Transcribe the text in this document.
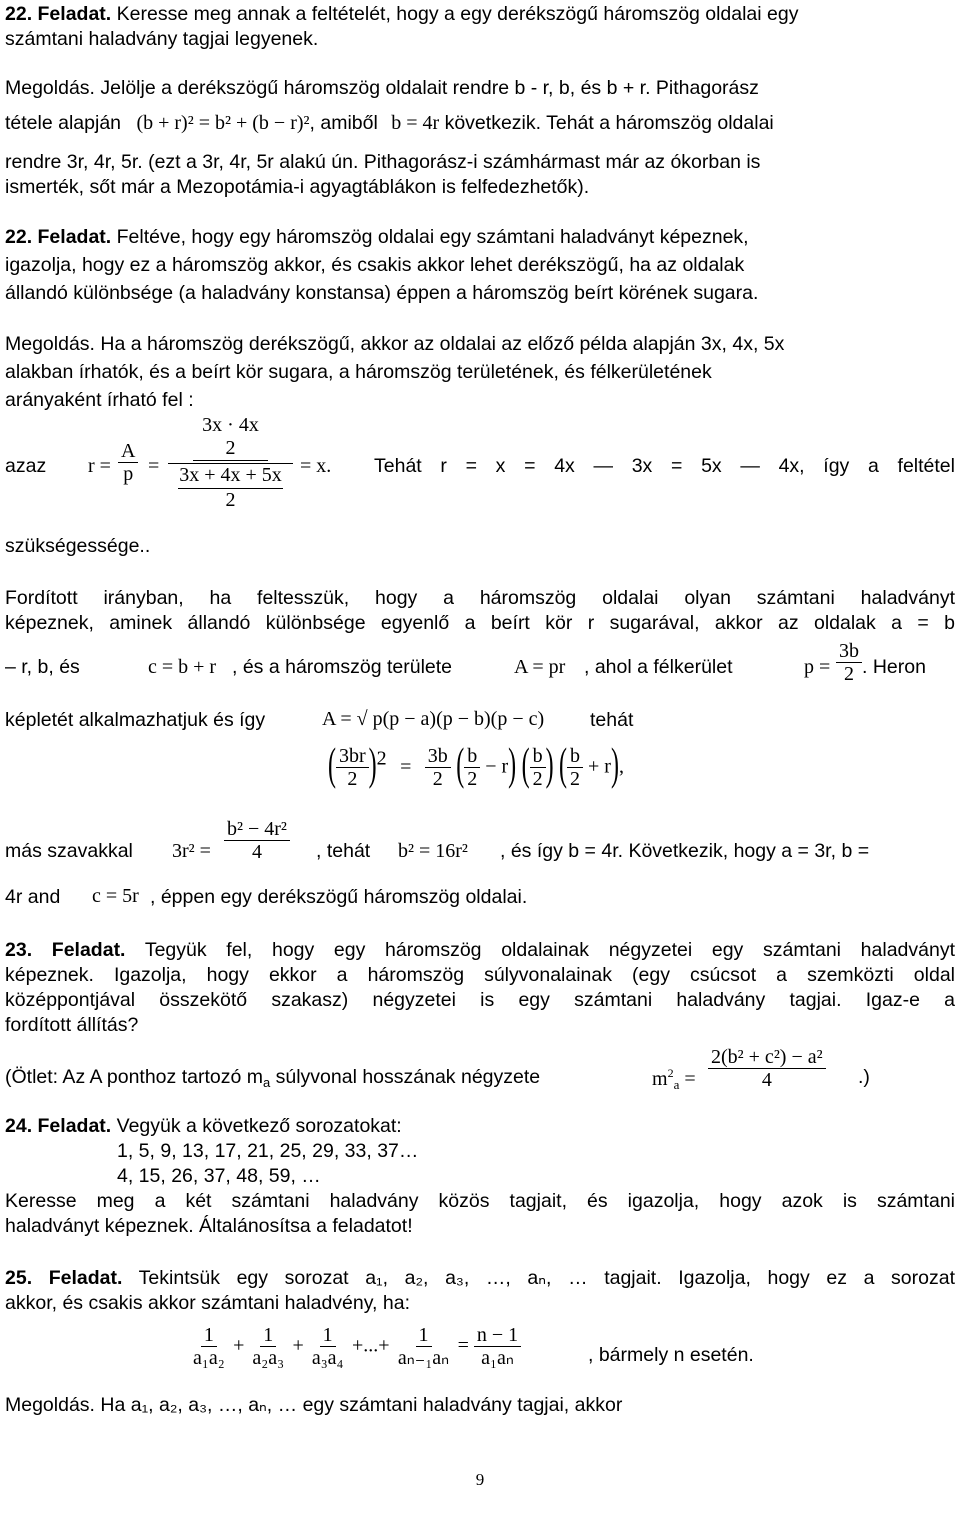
22. Feladat. Keresse meg annak a feltételét, hogy a egy derékszögű háromszög oldalai egy

számtani haladvány tagjai legyenek.

Megoldás. Jelölje a derékszögű háromszög oldalait rendre b - r, b, és b + r. Pithagorász

tétele alapján (b + r)² = b² + (b − r)², amiből b = 4r következik. Tehát a háromszög oldalai

rendre 3r, 4r, 5r. (ezt a 3r, 4r, 5r alakú ún. Pithagorász-i számhármast már az ókorban is

ismerték, sőt már a Mezopotámia-i agyagtáblákon is felfedezhetők).

22. Feladat. Feltéve, hogy egy háromszög oldalai egy számtani haladványt képeznek,

igazolja, hogy ez a háromszög akkor, és csakis akkor lehet derékszögű, ha az oldalak

állandó különbsége (a haladvány konstansa) éppen a háromszög beírt körének sugara.

Megoldás. Ha a háromszög derékszögű, akkor az oldalai az előző példa alapján 3x, 4x, 5x

alakban írhatók, és a beírt kör sugara, a háromszög területének, és félkerületének

arányaként írható fel :

azaz $r = \frac{A}{p}$ =
3x · 4x
2
3x + 4x + 5x
2
= x. Tehát r = x = 4x — 3x = 5x — 4x, így a feltétel
szükségessége..

Fordított irányban, ha feltesszük, hogy a háromszög oldalai olyan számtani haladványt

képeznek, aminek állandó különbsége egyenlő a beírt kör r sugarával, akkor az oldalak a = b

– r, b, és	c = b + r , és a háromszög területe	A = pr , ahol a félkerület	$p = \frac{3b}{2}$ . Heron
képletét alkalmazhatjuk és így	A = √ p(p − a)(p − b)(p − c) tehát
( $\frac{3br}{2} )2 = \frac{3b}{2}$ ( $\frac{b}{2} - r$) ( $\frac{b}{2}$ ) ( $\frac{b}{2} + r$),
más szavakkal $3r^2 = \frac{\text{b² − 4r²}}{4}$ , tehát b² = 16r² , és így b = 4r. Következik, hogy a = 3r, b =
4r and c = 5r , éppen egy derékszögű háromszög oldalai.

23. Feladat. Tegyük fel, hogy egy háromszög oldalainak négyzetei egy számtani haladványt

képeznek. Igazolja, hogy ekkor a háromszög súlyvonalainak (egy csúcsot a szemközti oldal

középpontjával összekötő szakasz) négyzetei is egy számtani haladvány tagjai. Igaz-e a

fordított állítás?

(Ötlet: Az A ponthoz tartozó $m_a$ súlyvonal hosszának négyzete	$m^2_a = \frac{\text{2(b² + c²) − a²}}{4}$ .)

24. Feladat. Vegyük a következő sorozatokat:

1, 5, 9, 13, 17, 21, 25, 29, 33, 37…

4, 15, 26, 37, 48, 59, …

Keresse meg a két számtani haladvány közös tagjait, és igazolja, hogy azok is számtani

haladványt képeznek. Általánosítsa a feladatot!

25. Feladat. Tekintsük egy sorozat a₁, a₂, a₃, …, aₙ, … tagjait. Igazolja, hogy ez a sorozat

akkor, és csakis akkor számtani haladvény, ha:

$\frac{1}{\text{a₁a₂}} + \frac{1}{\text{a₂a₃}} + \frac{1}{\text{a₃a₄}}$ +...+ $\frac{1}{\text{aₙ₋₁aₙ}} = \frac{n - 1}{\text{a₁aₙ}}$	, bármely n esetén.

Megoldás. Ha a₁, a₂, a₃, …, aₙ, … egy számtani haladvány tagjai, akkor

9
